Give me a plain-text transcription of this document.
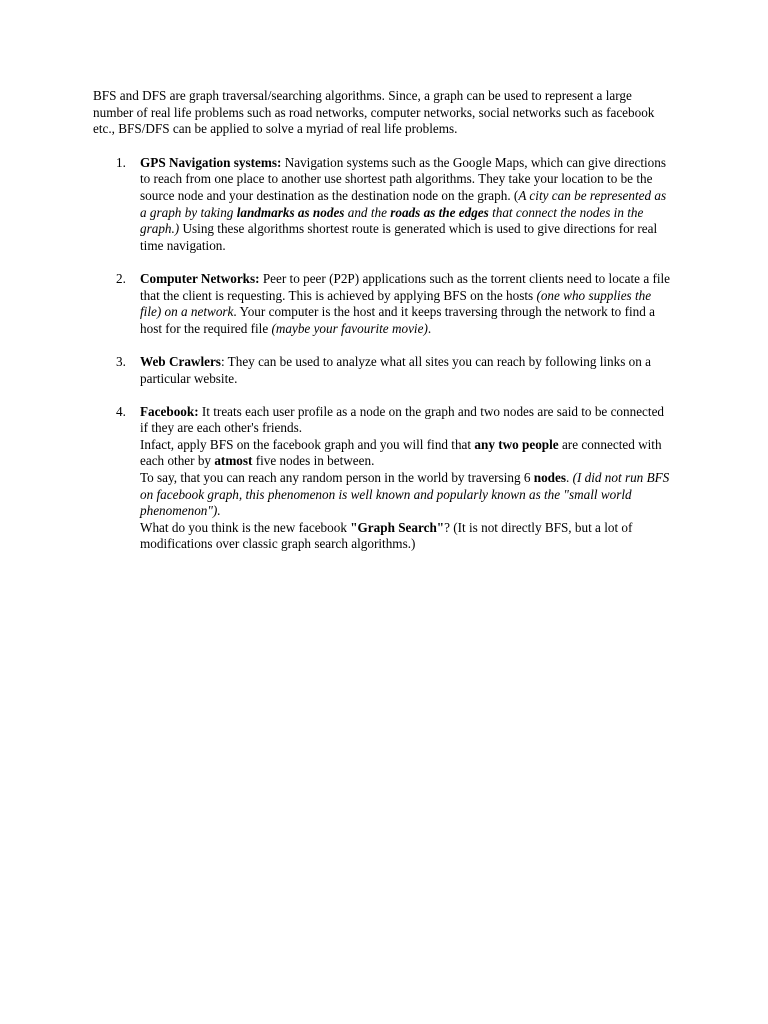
BFS and DFS are graph traversal/searching algorithms. Since, a graph can be used to represent a large number of real life problems such as road networks, computer networks, social networks such as facebook etc., BFS/DFS can be applied to solve a myriad of real life problems.

1. GPS Navigation systems: Navigation systems such as the Google Maps, which can give directions to reach from one place to another use shortest path algorithms. They take your location to be the source node and your destination as the destination node on the graph. (A city can be represented as a graph by taking landmarks as nodes and the roads as the edges that connect the nodes in the graph.) Using these algorithms shortest route is generated which is used to give directions for real time navigation.
2. Computer Networks: Peer to peer (P2P) applications such as the torrent clients need to locate a file that the client is requesting. This is achieved by applying BFS on the hosts (one who supplies the file) on a network. Your computer is the host and it keeps traversing through the network to find a host for the required file (maybe your favourite movie).
3. Web Crawlers: They can be used to analyze what all sites you can reach by following links on a particular website.
4. Facebook: It treats each user profile as a node on the graph and two nodes are said to be connected if they are each other's friends.
Infact, apply BFS on the facebook graph and you will find that any two people are connected with each other by atmost five nodes in between.
To say, that you can reach any random person in the world by traversing 6 nodes. (I did not run BFS on facebook graph, this phenomenon is well known and popularly known as the "small world phenomenon").
What do you think is the new facebook "Graph Search"? (It is not directly BFS, but a lot of modifications over classic graph search algorithms.)
